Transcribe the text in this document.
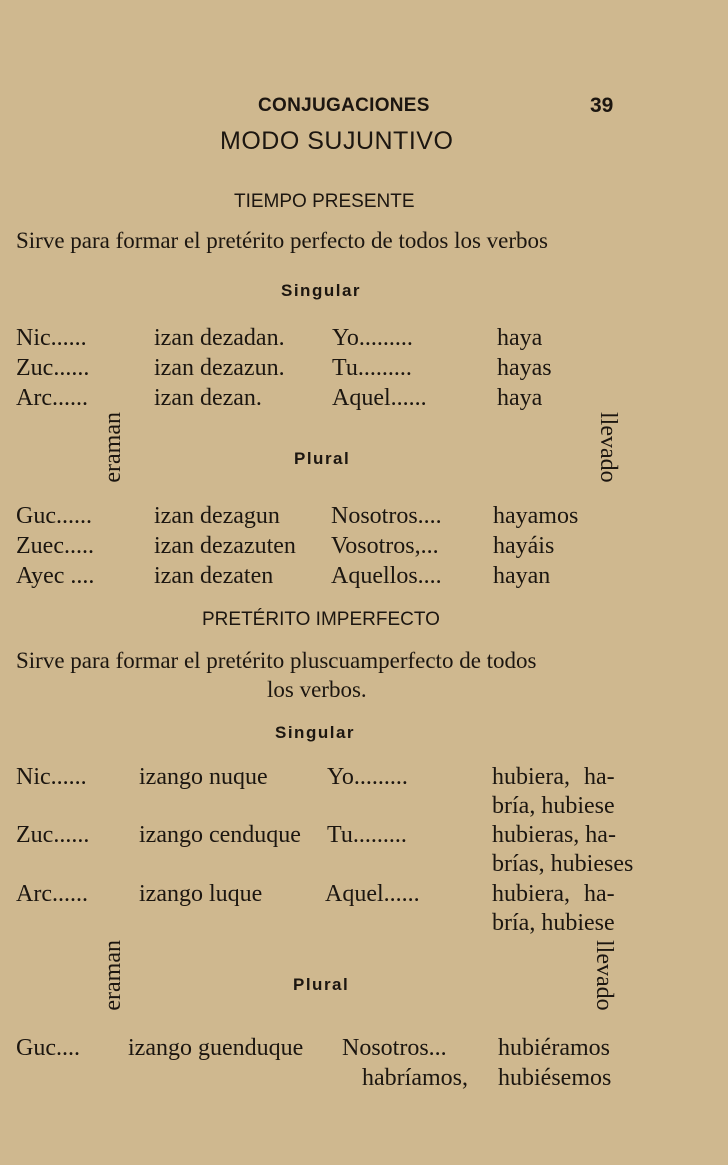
CONJUGACIONES	39
MODO SUJUNTIVO
TIEMPO PRESENTE
Sirve para formar el pretérito perfecto de todos los verbos
Singular
Nic......	izan dezadan. Yo.........	haya
Zuc......	izan dezazun. Tu.........	hayas
Arc......	izan dezan.	Aquel......	haya
eraman	llevado
Plural
Guc......	izan dezagun Nosotros.... hayamos
Zuec.....	izan dezazuten Vosotros,... hayáis
Ayec .... izan dezaten Aquellos.... hayan
PRETÉRITO IMPERFECTO
Sirve para formar el pretérito pluscuamperfecto de todos
los verbos.
Singular
Nic...... izango nuque Yo.........	hubiera, ha-
bría, hubiese
Zuc...... izango cenduque Tu.........	hubieras, ha-
brías, hubieses
Arc...... izango luque	Aquel......	hubiera, ha-
bría, hubiese
eraman	llevado
Plural
Guc.... izango guenduque Nosotros... hubiéramos
habríamos, hubiésemos
